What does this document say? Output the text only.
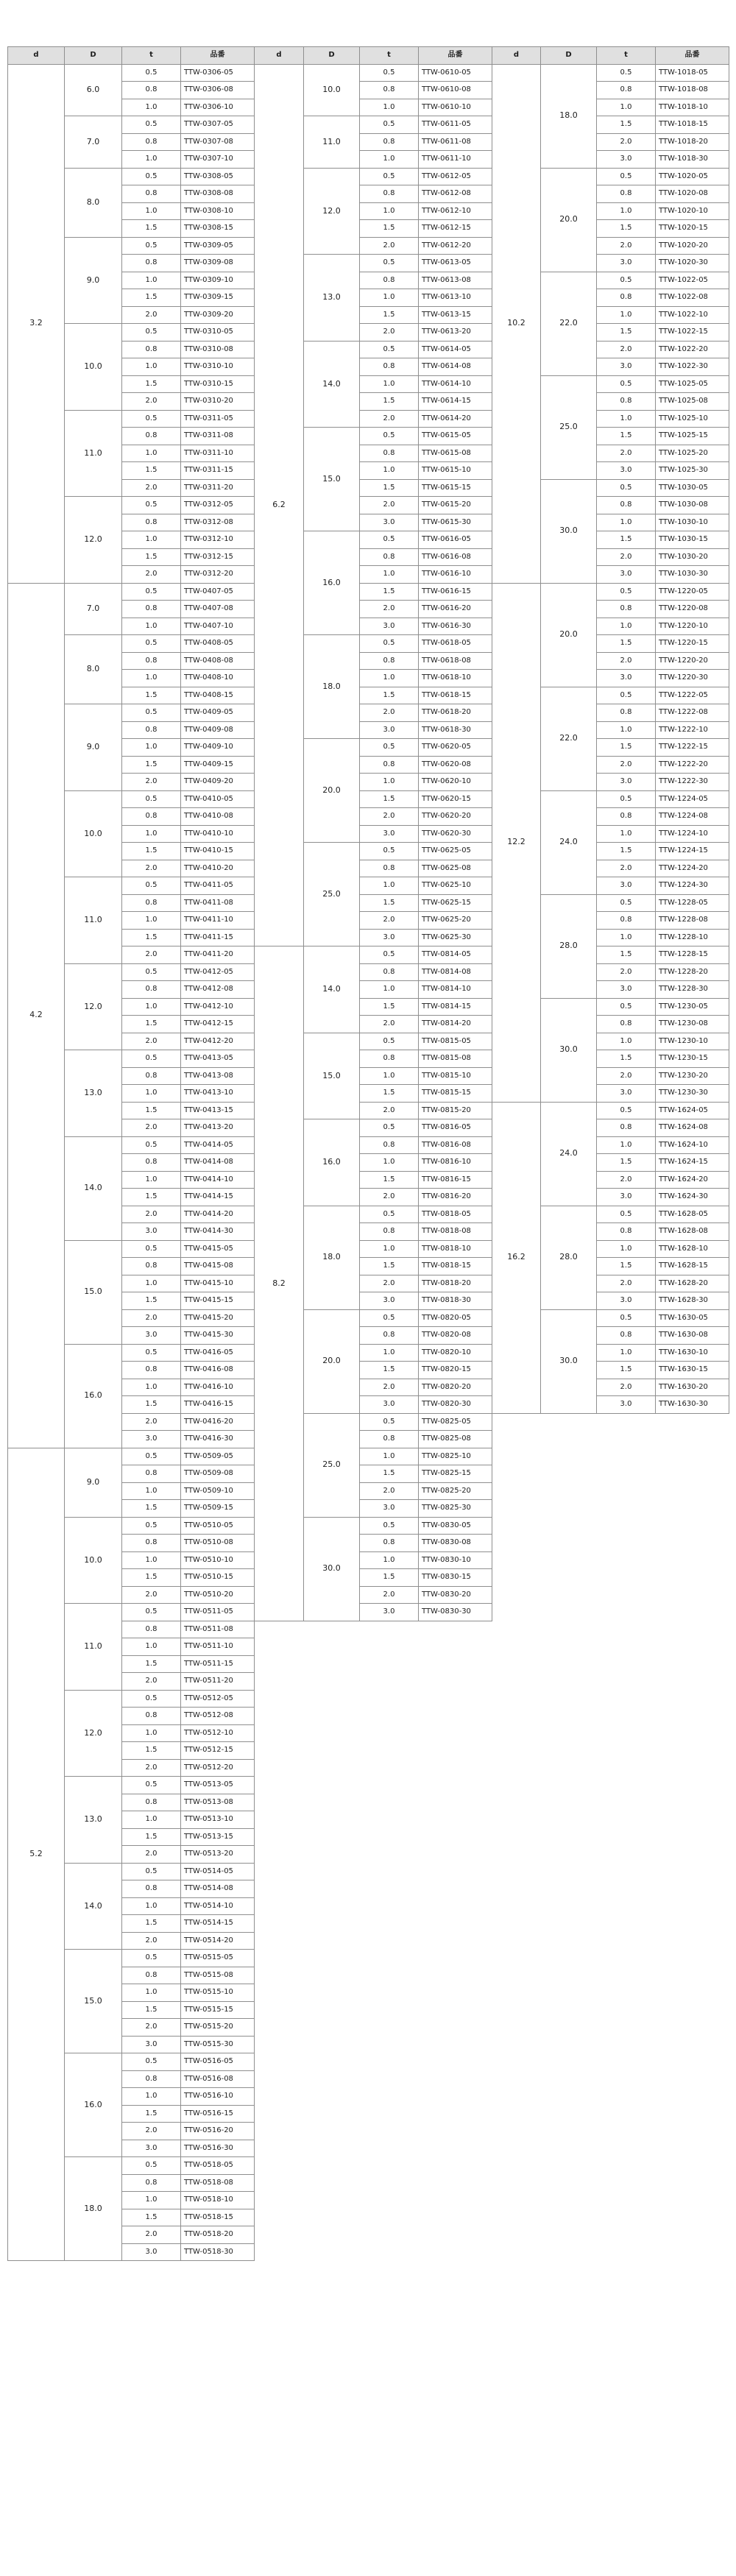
d	D	t	品番
3.2	6.0	0.5	TTW-0306-05
		0.8	TTW-0306-08
		1.0	TTW-0306-10
	7.0	0.5	TTW-0307-05
		0.8	TTW-0307-08
		1.0	TTW-0307-10
	8.0	0.5	TTW-0308-05
		0.8	TTW-0308-08
		1.0	TTW-0308-10
		1.5	TTW-0308-15
	9.0	0.5	TTW-0309-05
		0.8	TTW-0309-08
		1.0	TTW-0309-10
		1.5	TTW-0309-15
		2.0	TTW-0309-20
	10.0	0.5	TTW-0310-05
		0.8	TTW-0310-08
		1.0	TTW-0310-10
		1.5	TTW-0310-15
		2.0	TTW-0310-20
	11.0	0.5	TTW-0311-05
		0.8	TTW-0311-08
		1.0	TTW-0311-10
		1.5	TTW-0311-15
		2.0	TTW-0311-20
	12.0	0.5	TTW-0312-05
		0.8	TTW-0312-08
		1.0	TTW-0312-10
		1.5	TTW-0312-15
		2.0	TTW-0312-20
4.2	7.0	0.5	TTW-0407-05
		0.8	TTW-0407-08
		1.0	TTW-0407-10
	8.0	0.5	TTW-0408-05
		0.8	TTW-0408-08
		1.0	TTW-0408-10
		1.5	TTW-0408-15
	9.0	0.5	TTW-0409-05
		0.8	TTW-0409-08
		1.0	TTW-0409-10
		1.5	TTW-0409-15
		2.0	TTW-0409-20
	10.0	0.5	TTW-0410-05
		0.8	TTW-0410-08
		1.0	TTW-0410-10
		1.5	TTW-0410-15
		2.0	TTW-0410-20
	11.0	0.5	TTW-0411-05
		0.8	TTW-0411-08
		1.0	TTW-0411-10
		1.5	TTW-0411-15
		2.0	TTW-0411-20
	12.0	0.5	TTW-0412-05
		0.8	TTW-0412-08
		1.0	TTW-0412-10
		1.5	TTW-0412-15
		2.0	TTW-0412-20
	13.0	0.5	TTW-0413-05
		0.8	TTW-0413-08
		1.0	TTW-0413-10
		1.5	TTW-0413-15
		2.0	TTW-0413-20
	14.0	0.5	TTW-0414-05
		0.8	TTW-0414-08
		1.0	TTW-0414-10
		1.5	TTW-0414-15
		2.0	TTW-0414-20
		3.0	TTW-0414-30
	15.0	0.5	TTW-0415-05
		0.8	TTW-0415-08
		1.0	TTW-0415-10
		1.5	TTW-0415-15
		2.0	TTW-0415-20
		3.0	TTW-0415-30
	16.0	0.5	TTW-0416-05
		0.8	TTW-0416-08
		1.0	TTW-0416-10
		1.5	TTW-0416-15
		2.0	TTW-0416-20
		3.0	TTW-0416-30
5.2	9.0	0.5	TTW-0509-05
		0.8	TTW-0509-08
		1.0	TTW-0509-10
		1.5	TTW-0509-15
	10.0	0.5	TTW-0510-05
		0.8	TTW-0510-08
		1.0	TTW-0510-10
		1.5	TTW-0510-15
		2.0	TTW-0510-20
	11.0	0.5	TTW-0511-05
		0.8	TTW-0511-08
		1.0	TTW-0511-10
		1.5	TTW-0511-15
		2.0	TTW-0511-20
	12.0	0.5	TTW-0512-05
		0.8	TTW-0512-08
		1.0	TTW-0512-10
		1.5	TTW-0512-15
		2.0	TTW-0512-20
	13.0	0.5	TTW-0513-05
		0.8	TTW-0513-08
		1.0	TTW-0513-10
		1.5	TTW-0513-15
		2.0	TTW-0513-20
	14.0	0.5	TTW-0514-05
		0.8	TTW-0514-08
		1.0	TTW-0514-10
		1.5	TTW-0514-15
		2.0	TTW-0514-20
	15.0	0.5	TTW-0515-05
		0.8	TTW-0515-08
		1.0	TTW-0515-10
		1.5	TTW-0515-15
		2.0	TTW-0515-20
		3.0	TTW-0515-30
	16.0	0.5	TTW-0516-05
		0.8	TTW-0516-08
		1.0	TTW-0516-10
		1.5	TTW-0516-15
		2.0	TTW-0516-20
		3.0	TTW-0516-30
	18.0	0.5	TTW-0518-05
		0.8	TTW-0518-08
		1.0	TTW-0518-10
		1.5	TTW-0518-15
		2.0	TTW-0518-20
		3.0	TTW-0518-30
d	D	t	品番
6.2	10.0	0.5	TTW-0610-05
		0.8	TTW-0610-08
		1.0	TTW-0610-10
	11.0	0.5	TTW-0611-05
		0.8	TTW-0611-08
		1.0	TTW-0611-10
	12.0	0.5	TTW-0612-05
		0.8	TTW-0612-08
		1.0	TTW-0612-10
		1.5	TTW-0612-15
		2.0	TTW-0612-20
	13.0	0.5	TTW-0613-05
		0.8	TTW-0613-08
		1.0	TTW-0613-10
		1.5	TTW-0613-15
		2.0	TTW-0613-20
	14.0	0.5	TTW-0614-05
		0.8	TTW-0614-08
		1.0	TTW-0614-10
		1.5	TTW-0614-15
		2.0	TTW-0614-20
	15.0	0.5	TTW-0615-05
		0.8	TTW-0615-08
		1.0	TTW-0615-10
		1.5	TTW-0615-15
		2.0	TTW-0615-20
		3.0	TTW-0615-30
	16.0	0.5	TTW-0616-05
		0.8	TTW-0616-08
		1.0	TTW-0616-10
		1.5	TTW-0616-15
		2.0	TTW-0616-20
		3.0	TTW-0616-30
	18.0	0.5	TTW-0618-05
		0.8	TTW-0618-08
		1.0	TTW-0618-10
		1.5	TTW-0618-15
		2.0	TTW-0618-20
		3.0	TTW-0618-30
	20.0	0.5	TTW-0620-05
		0.8	TTW-0620-08
		1.0	TTW-0620-10
		1.5	TTW-0620-15
		2.0	TTW-0620-20
		3.0	TTW-0620-30
	25.0	0.5	TTW-0625-05
		0.8	TTW-0625-08
		1.0	TTW-0625-10
		1.5	TTW-0625-15
		2.0	TTW-0625-20
		3.0	TTW-0625-30
8.2	14.0	0.5	TTW-0814-05
		0.8	TTW-0814-08
		1.0	TTW-0814-10
		1.5	TTW-0814-15
		2.0	TTW-0814-20
	15.0	0.5	TTW-0815-05
		0.8	TTW-0815-08
		1.0	TTW-0815-10
		1.5	TTW-0815-15
		2.0	TTW-0815-20
	16.0	0.5	TTW-0816-05
		0.8	TTW-0816-08
		1.0	TTW-0816-10
		1.5	TTW-0816-15
		2.0	TTW-0816-20
	18.0	0.5	TTW-0818-05
		0.8	TTW-0818-08
		1.0	TTW-0818-10
		1.5	TTW-0818-15
		2.0	TTW-0818-20
		3.0	TTW-0818-30
	20.0	0.5	TTW-0820-05
		0.8	TTW-0820-08
		1.0	TTW-0820-10
		1.5	TTW-0820-15
		2.0	TTW-0820-20
		3.0	TTW-0820-30
	25.0	0.5	TTW-0825-05
		0.8	TTW-0825-08
		1.0	TTW-0825-10
		1.5	TTW-0825-15
		2.0	TTW-0825-20
		3.0	TTW-0825-30
	30.0	0.5	TTW-0830-05
		0.8	TTW-0830-08
		1.0	TTW-0830-10
		1.5	TTW-0830-15
		2.0	TTW-0830-20
		3.0	TTW-0830-30
d	D	t	品番
10.2	18.0	0.5	TTW-1018-05
		0.8	TTW-1018-08
		1.0	TTW-1018-10
		1.5	TTW-1018-15
		2.0	TTW-1018-20
		3.0	TTW-1018-30
	20.0	0.5	TTW-1020-05
		0.8	TTW-1020-08
		1.0	TTW-1020-10
		1.5	TTW-1020-15
		2.0	TTW-1020-20
		3.0	TTW-1020-30
	22.0	0.5	TTW-1022-05
		0.8	TTW-1022-08
		1.0	TTW-1022-10
		1.5	TTW-1022-15
		2.0	TTW-1022-20
		3.0	TTW-1022-30
	25.0	0.5	TTW-1025-05
		0.8	TTW-1025-08
		1.0	TTW-1025-10
		1.5	TTW-1025-15
		2.0	TTW-1025-20
		3.0	TTW-1025-30
	30.0	0.5	TTW-1030-05
		0.8	TTW-1030-08
		1.0	TTW-1030-10
		1.5	TTW-1030-15
		2.0	TTW-1030-20
		3.0	TTW-1030-30
12.2	20.0	0.5	TTW-1220-05
		0.8	TTW-1220-08
		1.0	TTW-1220-10
		1.5	TTW-1220-15
		2.0	TTW-1220-20
		3.0	TTW-1220-30
	22.0	0.5	TTW-1222-05
		0.8	TTW-1222-08
		1.0	TTW-1222-10
		1.5	TTW-1222-15
		2.0	TTW-1222-20
		3.0	TTW-1222-30
	24.0	0.5	TTW-1224-05
		0.8	TTW-1224-08
		1.0	TTW-1224-10
		1.5	TTW-1224-15
		2.0	TTW-1224-20
		3.0	TTW-1224-30
	28.0	0.5	TTW-1228-05
		0.8	TTW-1228-08
		1.0	TTW-1228-10
		1.5	TTW-1228-15
		2.0	TTW-1228-20
		3.0	TTW-1228-30
	30.0	0.5	TTW-1230-05
		0.8	TTW-1230-08
		1.0	TTW-1230-10
		1.5	TTW-1230-15
		2.0	TTW-1230-20
		3.0	TTW-1230-30
16.2	24.0	0.5	TTW-1624-05
		0.8	TTW-1624-08
		1.0	TTW-1624-10
		1.5	TTW-1624-15
		2.0	TTW-1624-20
		3.0	TTW-1624-30
	28.0	0.5	TTW-1628-05
		0.8	TTW-1628-08
		1.0	TTW-1628-10
		1.5	TTW-1628-15
		2.0	TTW-1628-20
		3.0	TTW-1628-30
	30.0	0.5	TTW-1630-05
		0.8	TTW-1630-08
		1.0	TTW-1630-10
		1.5	TTW-1630-15
		2.0	TTW-1630-20
		3.0	TTW-1630-30
